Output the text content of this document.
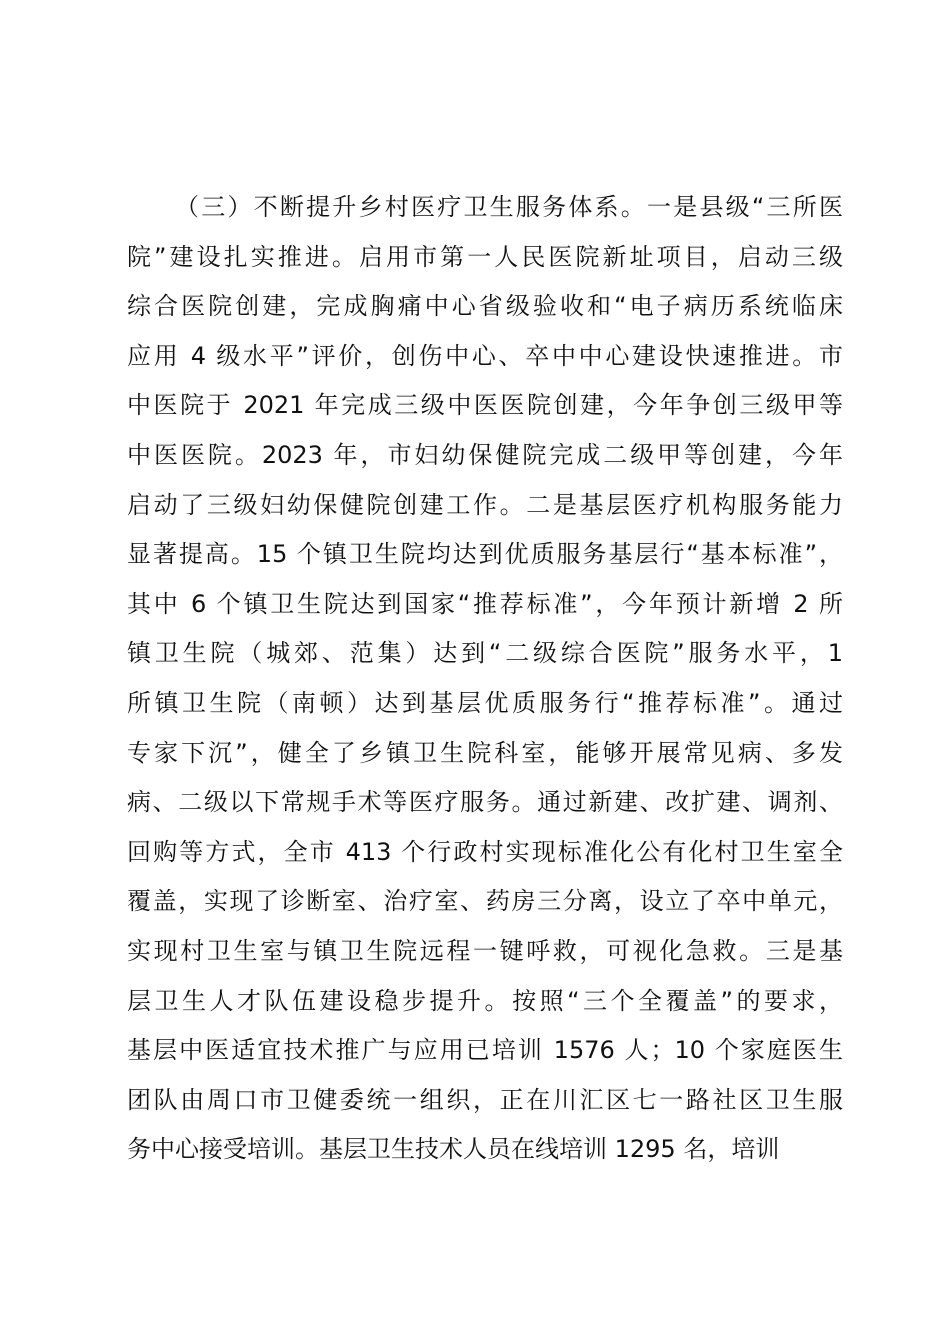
（三）不断提升乡村医疗卫生服务体系。一是县级“三所医
院”建设扎实推进。启用市第一人民医院新址项目，启动三级
综合医院创建，完成胸痛中心省级验收和“电子病历系统临床
应用 4 级水平”评价，创伤中心、卒中中心建设快速推进。市
中医院于 2021 年完成三级中医医院创建，今年争创三级甲等
中医医院。2023 年，市妇幼保健院完成二级甲等创建，今年
启动了三级妇幼保健院创建工作。二是基层医疗机构服务能力
显著提高。15 个镇卫生院均达到优质服务基层行“基本标准”，
其中 6 个镇卫生院达到国家“推荐标准”，今年预计新增 2 所
镇卫生院（城郊、范集）达到“二级综合医院”服务水平，1
所镇卫生院（南顿）达到基层优质服务行“推荐标准”。通过
专家下沉”，健全了乡镇卫生院科室，能够开展常见病、多发
病、二级以下常规手术等医疗服务。通过新建、改扩建、调剂、
回购等方式，全市 413 个行政村实现标准化公有化村卫生室全
覆盖，实现了诊断室、治疗室、药房三分离，设立了卒中单元，
实现村卫生室与镇卫生院远程一键呼救，可视化急救。三是基
层卫生人才队伍建设稳步提升。按照“三个全覆盖”的要求，
基层中医适宜技术推广与应用已培训 1576 人；10 个家庭医生
团队由周口市卫健委统一组织，正在川汇区七一路社区卫生服
务中心接受培训。基层卫生技术人员在线培训 1295 名，培训
